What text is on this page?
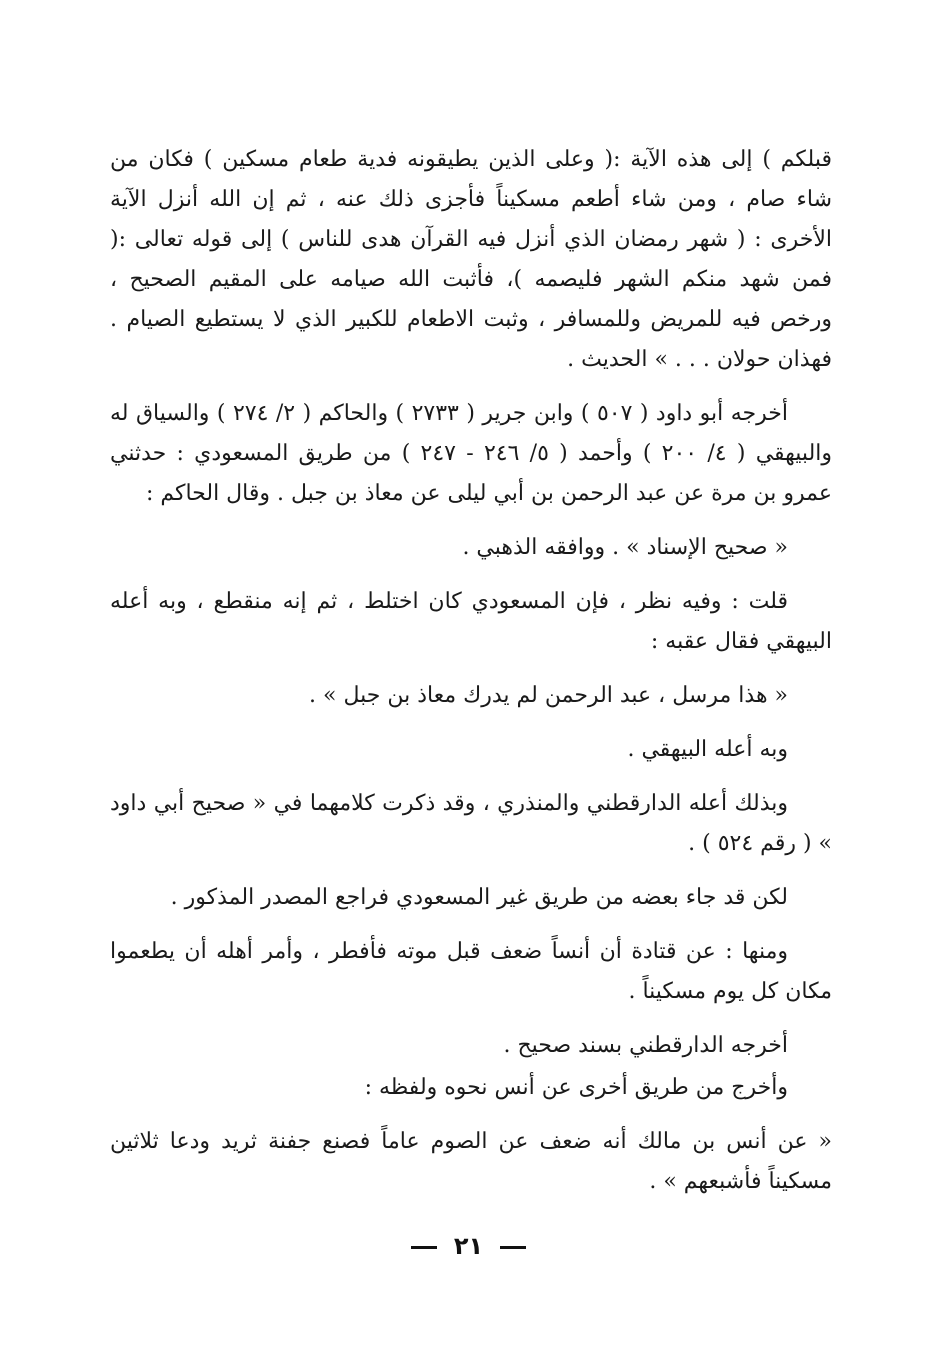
قبلكم ) إلى هذه الآية :( وعلى الذين يطيقونه فدية طعام مسكين ) فكان من شاء صام ، ومن شاء أطعم مسكيناً فأجزى ذلك عنه ، ثم إن الله أنزل الآية الأخرى : ( شهر رمضان الذي أنزل فيه القرآن هدى للناس ) إلى قوله تعالى :( فمن شهد منكم الشهر فليصمه )، فأثبت الله صيامه على المقيم الصحيح ، ورخص فيه للمريض وللمسافر ، وثبت الاطعام للكبير الذي لا يستطيع الصيام . فهذان حولان . . . » الحديث .

أخرجه أبو داود ( ٥٠٧ ) وابن جرير ( ٢٧٣٣ ) والحاكم ( ٢/ ٢٧٤ ) والسياق له والبيهقي ( ٤/ ٢٠٠ ) وأحمد ( ٥/ ٢٤٦ - ٢٤٧ ) من طريق المسعودي : حدثني عمرو بن مرة عن عبد الرحمن بن أبي ليلى عن معاذ بن جبل . وقال الحاكم :

« صحيح الإسناد » . ووافقه الذهبي .

قلت : وفيه نظر ، فإن المسعودي كان اختلط ، ثم إنه منقطع ، وبه أعله البيهقي فقال عقبه :

« هذا مرسل ، عبد الرحمن لم يدرك معاذ بن جبل » .

وبه أعله البيهقي .

وبذلك أعله الدارقطني والمنذري ، وقد ذكرت كلامهما في « صحيح أبي داود » ( رقم ٥٢٤ ) .

لكن قد جاء بعضه من طريق غير المسعودي فراجع المصدر المذكور .

ومنها : عن قتادة أن أنساً ضعف قبل موته فأفطر ، وأمر أهله أن يطعموا مكان كل يوم مسكيناً .

أخرجه الدارقطني بسند صحيح .

وأخرج من طريق أخرى عن أنس نحوه ولفظه :

« عن أنس بن مالك أنه ضعف عن الصوم عاماً فصنع جفنة ثريد ودعا ثلاثين مسكيناً فأشبعهم » .

٢١
